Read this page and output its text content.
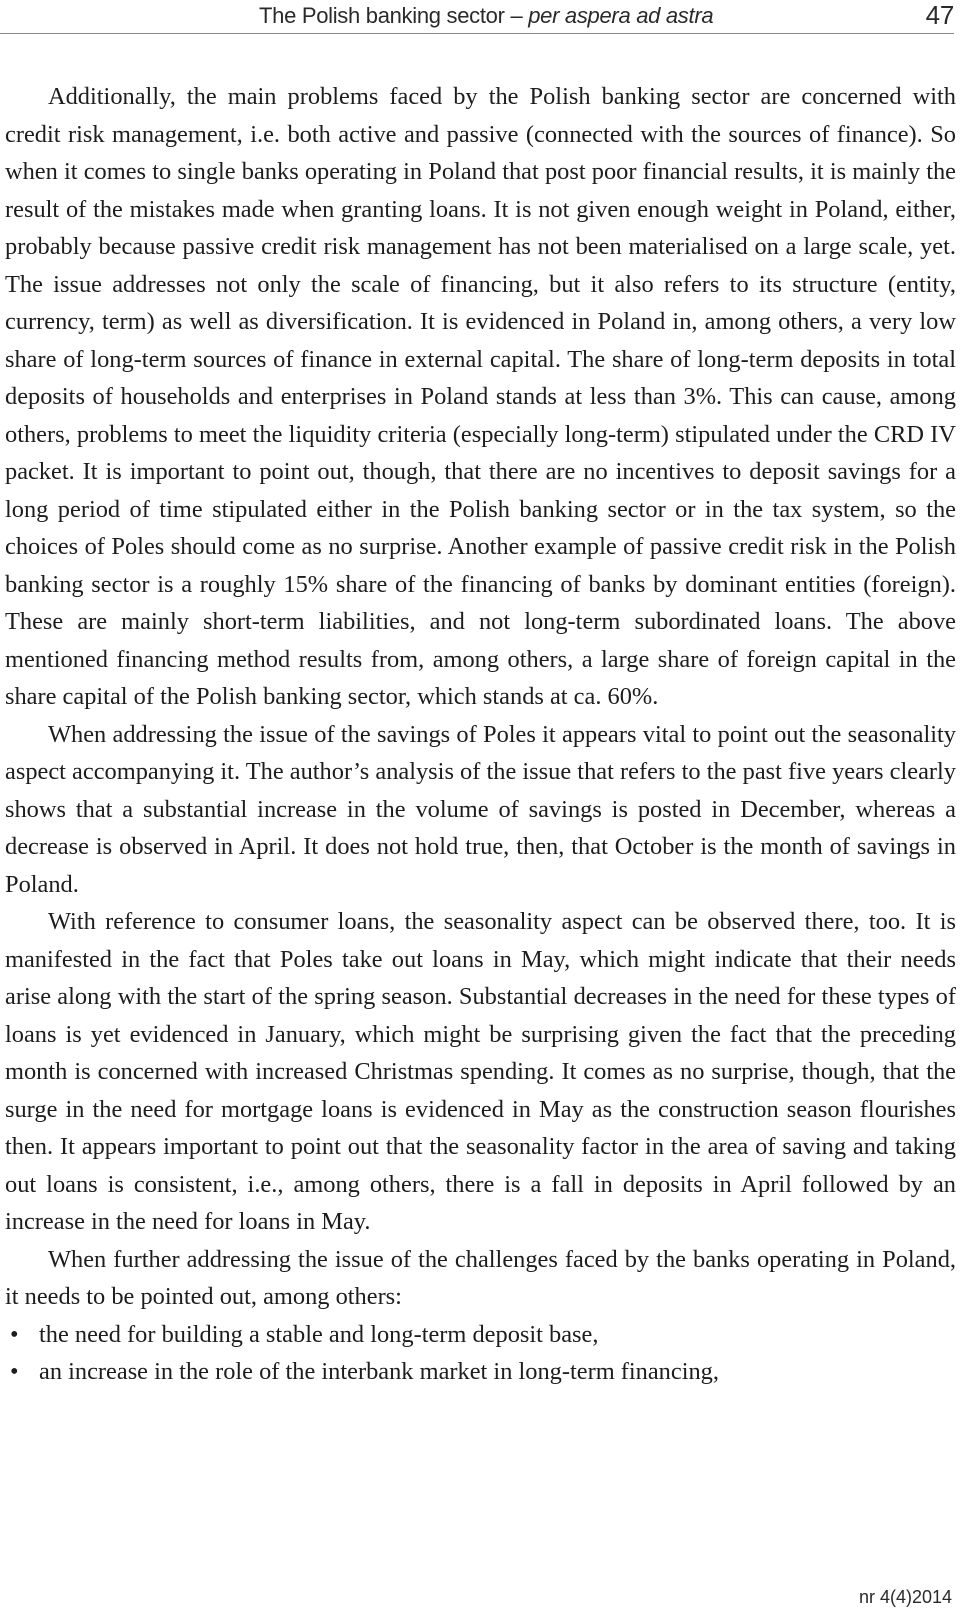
The Polish banking sector – per aspera ad astra	47

Additionally, the main problems faced by the Polish banking sector are concerned with credit risk management, i.e. both active and passive (connected with the sources of finance). So when it comes to single banks operating in Poland that post poor financial results, it is mainly the result of the mistakes made when granting loans. It is not given enough weight in Poland, either, probably because passive credit risk management has not been materialised on a large scale, yet. The issue addresses not only the scale of financing, but it also refers to its structure (entity, currency, term) as well as diversification. It is evidenced in Poland in, among others, a very low share of long-term sources of finance in external capital. The share of long-term deposits in total deposits of households and enterprises in Poland stands at less than 3%. This can cause, among others, problems to meet the liquidity criteria (especially long-term) stipulated under the CRD IV packet. It is important to point out, though, that there are no incentives to deposit savings for a long period of time stipulated either in the Polish banking sector or in the tax system, so the choices of Poles should come as no surprise. Another example of passive credit risk in the Polish banking sector is a roughly 15% share of the financing of banks by dominant entities (foreign). These are mainly short-term liabilities, and not long-term subordinated loans. The above mentioned financing method results from, among others, a large share of foreign capital in the share capital of the Polish banking sector, which stands at ca. 60%.

When addressing the issue of the savings of Poles it appears vital to point out the seasonality aspect accompanying it. The author’s analysis of the issue that refers to the past five years clearly shows that a substantial increase in the volume of savings is posted in December, whereas a decrease is observed in April. It does not hold true, then, that October is the month of savings in Poland.

With reference to consumer loans, the seasonality aspect can be observed there, too. It is manifested in the fact that Poles take out loans in May, which might indicate that their needs arise along with the start of the spring season. Substantial decreases in the need for these types of loans is yet evidenced in January, which might be surprising given the fact that the preceding month is concerned with increased Christmas spending. It comes as no surprise, though, that the surge in the need for mortgage loans is evidenced in May as the construction season flourishes then. It appears important to point out that the seasonality factor in the area of saving and taking out loans is consistent, i.e., among others, there is a fall in deposits in April followed by an increase in the need for loans in May.

When further addressing the issue of the challenges faced by the banks operating in Poland, it needs to be pointed out, among others:

• the need for building a stable and long-term deposit base,
• an increase in the role of the interbank market in long-term financing,
nr 4(4)2014
